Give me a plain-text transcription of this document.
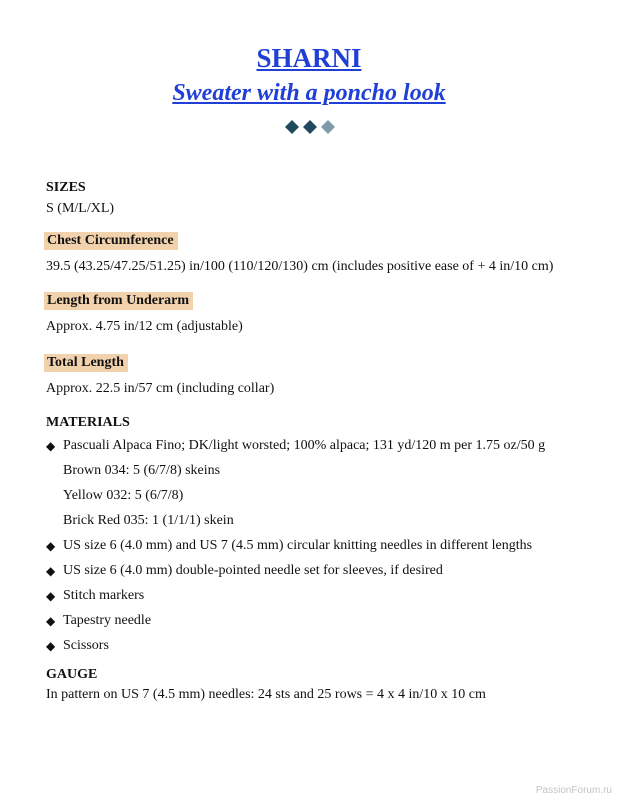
SHARNI
Sweater with a poncho look
SIZES
S (M/L/XL)
Chest Circumference
39.5 (43.25/47.25/51.25) in/100 (110/120/130) cm (includes positive ease of + 4 in/10 cm)
Length from Underarm
Approx. 4.75 in/12 cm (adjustable)
Total Length
Approx. 22.5 in/57 cm (including collar)
MATERIALS
◆ Pascuali Alpaca Fino; DK/light worsted; 100% alpaca; 131 yd/120 m per 1.75 oz/50 g
Brown 034: 5 (6/7/8) skeins
Yellow 032: 5 (6/7/8)
Brick Red 035: 1 (1/1/1) skein
◆ US size 6 (4.0 mm) and US 7 (4.5 mm) circular knitting needles in different lengths
◆ US size 6 (4.0 mm) double-pointed needle set for sleeves, if desired
◆ Stitch markers
◆ Tapestry needle
◆ Scissors
GAUGE
In pattern on US 7 (4.5 mm) needles: 24 sts and 25 rows = 4 x 4 in/10 x 10 cm
PassionForum.ru
